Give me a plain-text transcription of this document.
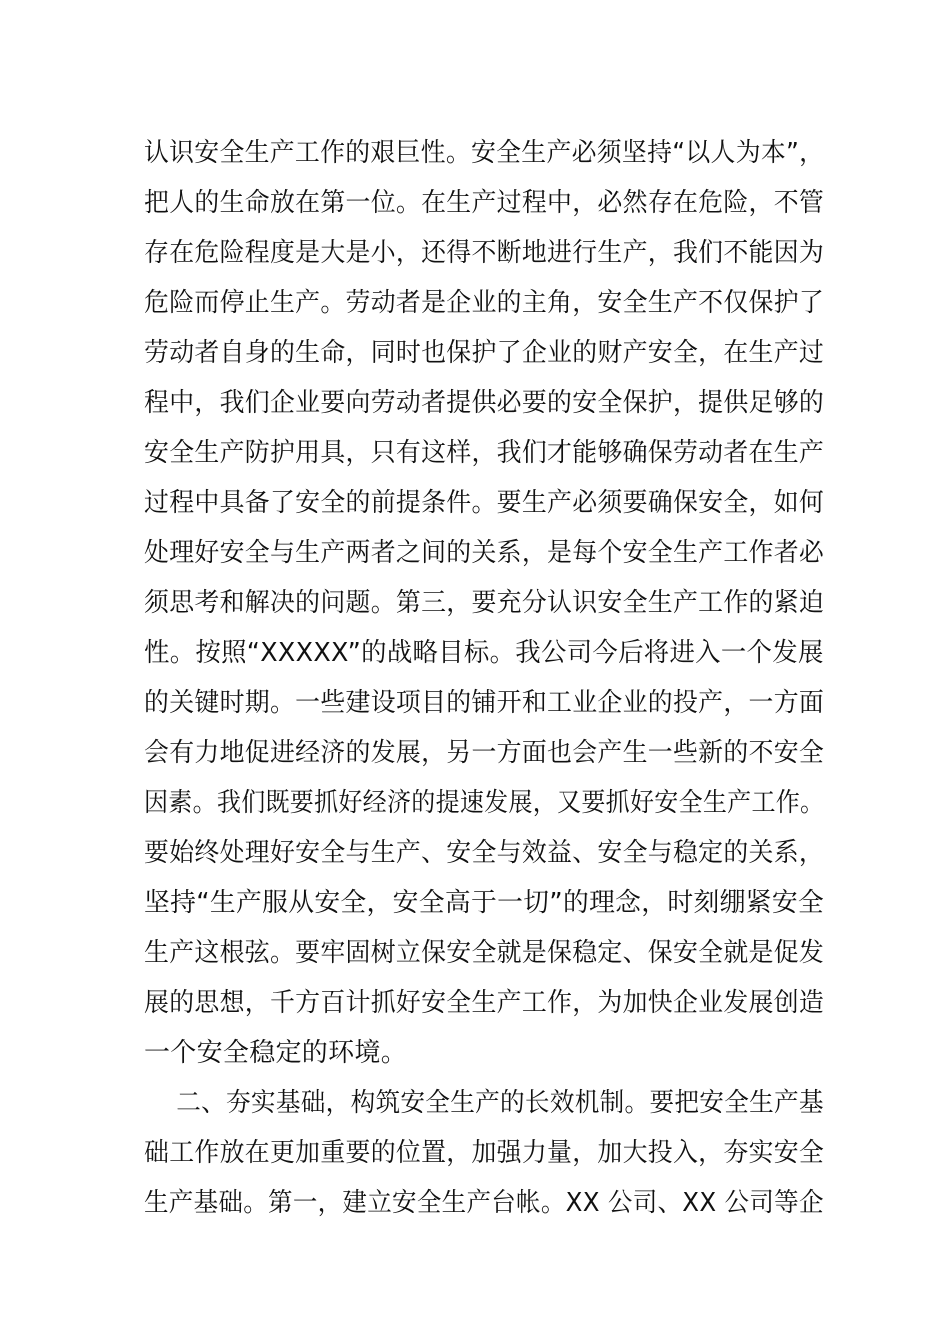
认识安全生产工作的艰巨性。安全生产必须坚持“以人为本”，
把人的生命放在第一位。在生产过程中，必然存在危险，不管
存在危险程度是大是小，还得不断地进行生产，我们不能因为
危险而停止生产。劳动者是企业的主角，安全生产不仅保护了
劳动者自身的生命，同时也保护了企业的财产安全，在生产过
程中，我们企业要向劳动者提供必要的安全保护，提供足够的
安全生产防护用具，只有这样，我们才能够确保劳动者在生产
过程中具备了安全的前提条件。要生产必须要确保安全，如何
处理好安全与生产两者之间的关系，是每个安全生产工作者必
须思考和解决的问题。第三，要充分认识安全生产工作的紧迫
性。按照“XXXXX”的战略目标。我公司今后将进入一个发展
的关键时期。一些建设项目的铺开和工业企业的投产，一方面
会有力地促进经济的发展，另一方面也会产生一些新的不安全
因素。我们既要抓好经济的提速发展，又要抓好安全生产工作。
要始终处理好安全与生产、安全与效益、安全与稳定的关系，
坚持“生产服从安全，安全高于一切”的理念，时刻绷紧安全
生产这根弦。要牢固树立保安全就是保稳定、保安全就是促发
展的思想，千方百计抓好安全生产工作，为加快企业发展创造
一个安全稳定的环境。
二、夯实基础，构筑安全生产的长效机制。要把安全生产基
础工作放在更加重要的位置，加强力量，加大投入，夯实安全
生产基础。第一，建立安全生产台帐。XX 公司、XX 公司等企
